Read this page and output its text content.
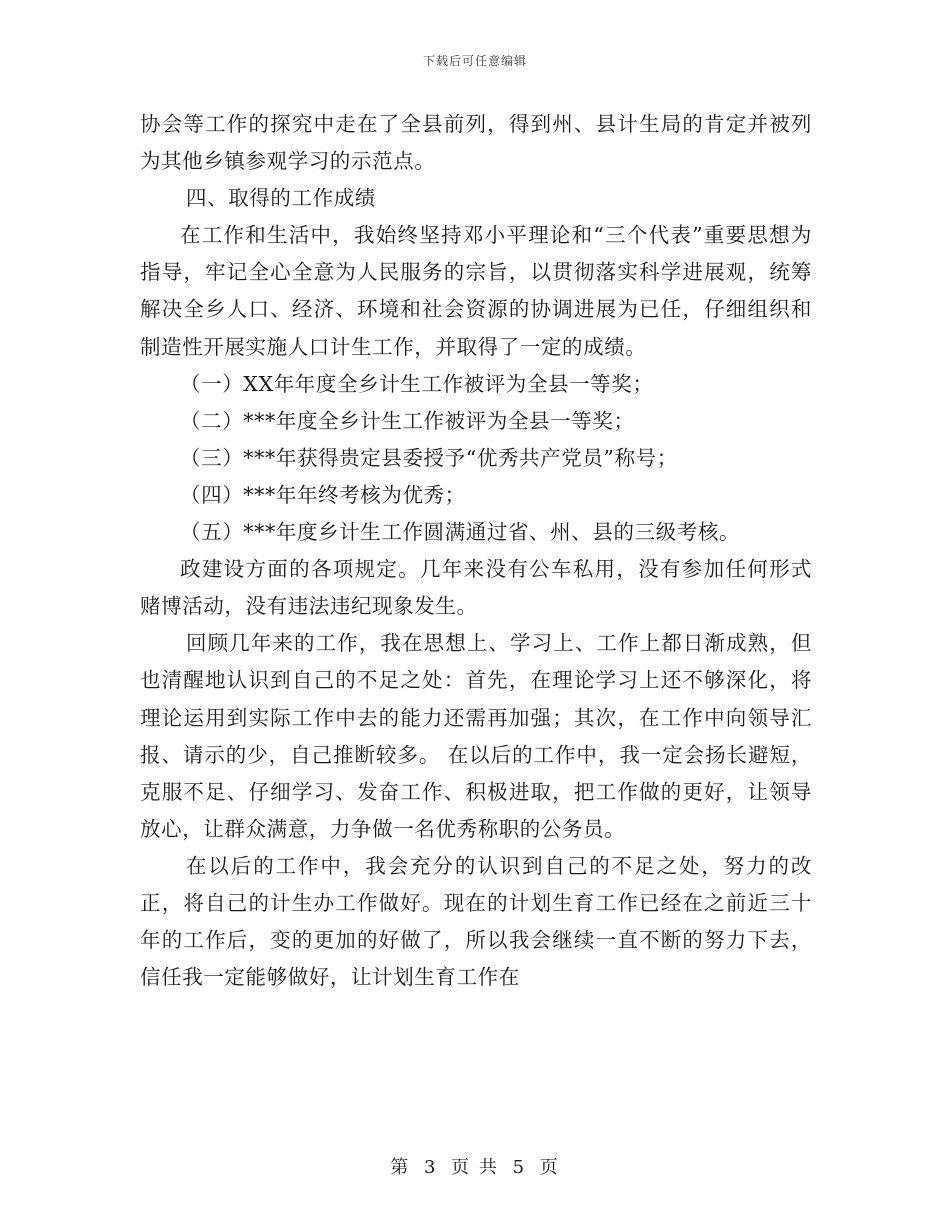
下载后可任意编辑

协会等工作的探究中走在了全县前列，得到州、县计生局的肯定并被列为其他乡镇参观学习的示范点。

四、取得的工作成绩

在工作和生活中，我始终坚持邓小平理论和“三个代表”重要思想为指导，牢记全心全意为人民服务的宗旨，以贯彻落实科学进展观，统筹解决全乡人口、经济、环境和社会资源的协调进展为已任，仔细组织和制造性开展实施人口计生工作，并取得了一定的成绩。

（一）XX年年度全乡计生工作被评为全县一等奖；

（二）***年度全乡计生工作被评为全县一等奖；

（三）***年获得贵定县委授予“优秀共产党员”称号；

（四）***年年终考核为优秀；

（五）***年度乡计生工作圆满通过省、州、县的三级考核。

政建设方面的各项规定。几年来没有公车私用，没有参加任何形式赌博活动，没有违法违纪现象发生。

回顾几年来的工作，我在思想上、学习上、工作上都日渐成熟，但也清醒地认识到自己的不足之处：首先，在理论学习上还不够深化，将理论运用到实际工作中去的能力还需再加强；其次，在工作中向领导汇报、请示的少，自己推断较多。 在以后的工作中，我一定会扬长避短，克服不足、仔细学习、发奋工作、积极进取，把工作做的更好，让领导放心，让群众满意，力争做一名优秀称职的公务员。

在以后的工作中，我会充分的认识到自己的不足之处，努力的改正，将自己的计生办工作做好。现在的计划生育工作已经在之前近三十年的工作后，变的更加的好做了，所以我会继续一直不断的努力下去，信任我一定能够做好，让计划生育工作在

第 3 页 共 5 页
